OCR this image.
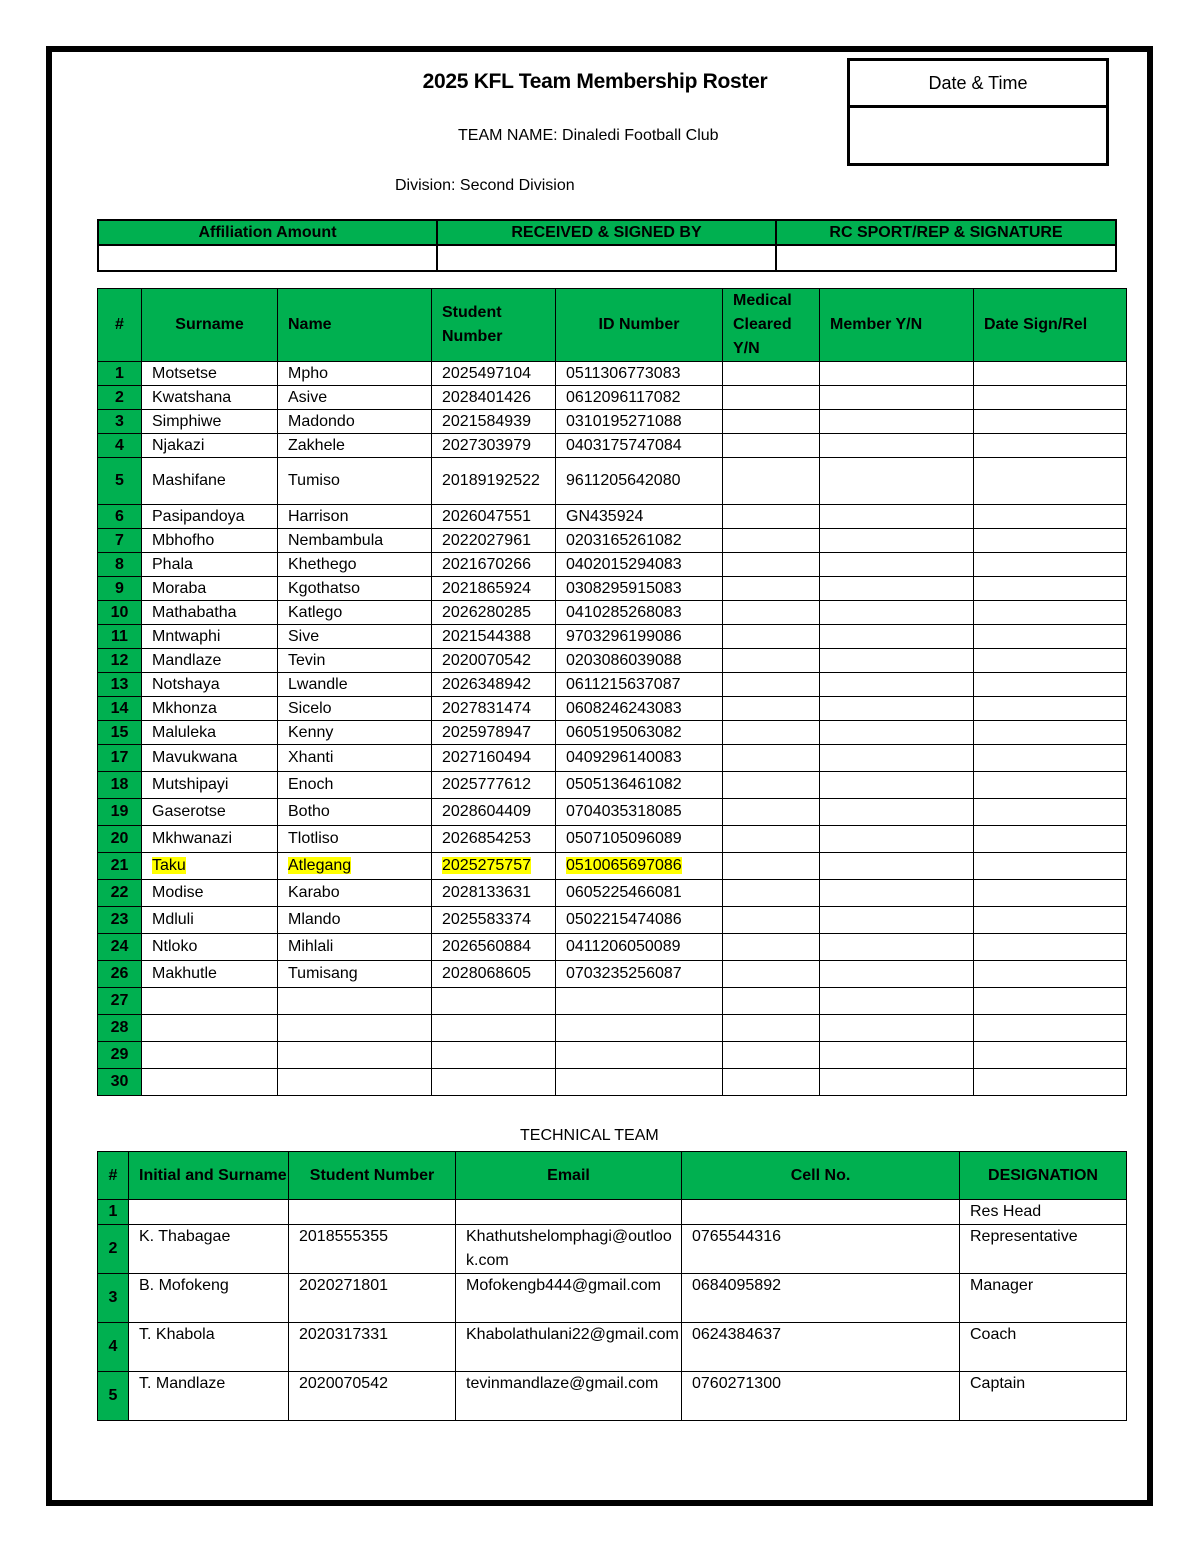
2025 KFL Team Membership Roster	Date & Time
TEAM NAME: Dinaledi Football Club
Division: Second Division
Affiliation Amount	RECEIVED & SIGNED BY	RC SPORT/REP & SIGNATURE

#	Surname	Name	Student Number	ID Number	Medical Cleared Y/N	Member Y/N	Date Sign/Rel
1	Motsetse	Mpho	2025497104	0511306773083			
2	Kwatshana	Asive	2028401426	0612096117082			
3	Simphiwe	Madondo	2021584939	0310195271088			
4	Njakazi	Zakhele	2027303979	0403175747084			
5	Mashifane	Tumiso	20189192522	9611205642080			
6	Pasipandoya	Harrison	2026047551	GN435924			
7	Mbhofho	Nembambula	2022027961	0203165261082			
8	Phala	Khethego	2021670266	0402015294083			
9	Moraba	Kgothatso	2021865924	0308295915083			
10	Mathabatha	Katlego	2026280285	0410285268083			
11	Mntwaphi	Sive	2021544388	9703296199086			
12	Mandlaze	Tevin	2020070542	0203086039088			
13	Notshaya	Lwandle	2026348942	0611215637087			
14	Mkhonza	Sicelo	2027831474	0608246243083			
15	Maluleka	Kenny	2025978947	0605195063082			
17	Mavukwana	Xhanti	2027160494	0409296140083			
18	Mutshipayi	Enoch	2025777612	0505136461082			
19	Gaserotse	Botho	2028604409	0704035318085			
20	Mkhwanazi	Tlotliso	2026854253	0507105096089			
21	Taku	Atlegang	2025275757	0510065697086			
22	Modise	Karabo	2028133631	0605225466081			
23	Mdluli	Mlando	2025583374	0502215474086			
24	Ntloko	Mihlali	2026560884	0411206050089			
26	Makhutle	Tumisang	2028068605	0703235256087			
27							
28							
29							
30							
TECHNICAL TEAM
#	Initial and Surname	Student Number	Email	Cell No.	DESIGNATION
1					Res Head
2	K. Thabagae	2018555355	Khathutshelomphagi@outlook.com	0765544316	Representative
3	B. Mofokeng	2020271801	Mofokengb444@gmail.com	0684095892	Manager
4	T. Khabola	2020317331	Khabolathulani22@gmail.com	0624384637	Coach
5	T. Mandlaze	2020070542	tevinmandlaze@gmail.com	0760271300	Captain
